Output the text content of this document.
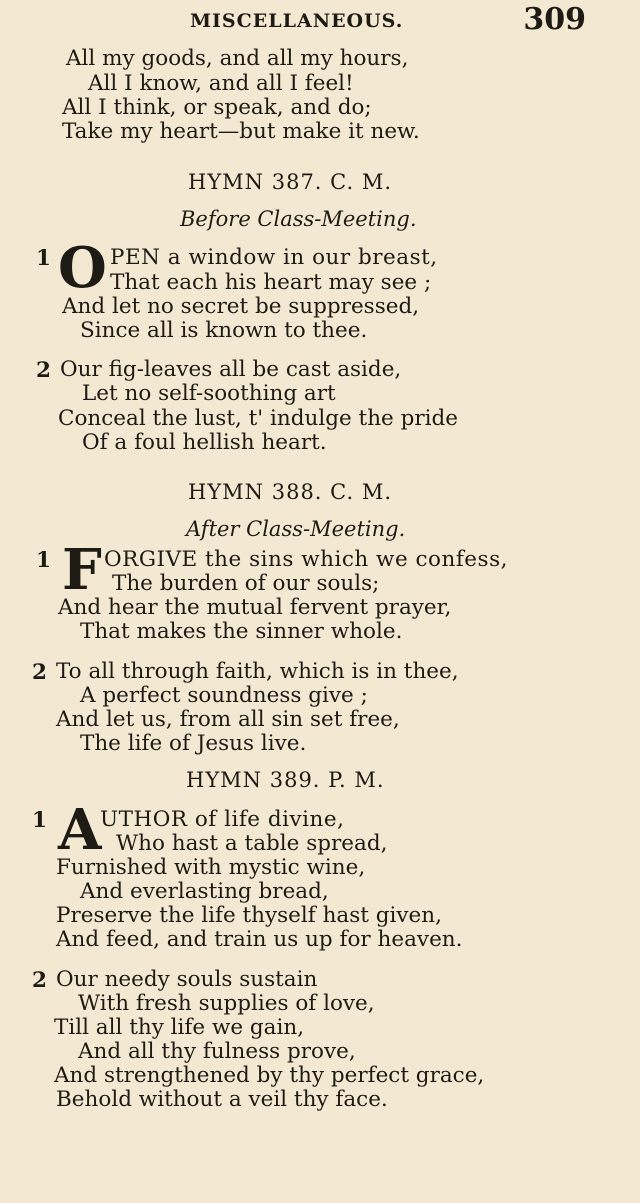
MISCELLANEOUS.	309
All my goods, and all my hours,
All I know, and all I feel!
All I think, or speak, and do;
Take my heart—but make it new.
HYMN 387. C. M.
Before Class-Meeting.
1 O PEN a window in our breast,
That each his heart may see ;
And let no secret be suppressed,
Since all is known to thee.
2 Our fig-leaves all be cast aside,
Let no self-soothing art
Conceal the lust, t' indulge the pride
Of a foul hellish heart.
HYMN 388. C. M.
After Class-Meeting.
1 F ORGIVE the sins which we confess,
The burden of our souls;
And hear the mutual fervent prayer,
That makes the sinner whole.
2 To all through faith, which is in thee,
A perfect soundness give ;
And let us, from all sin set free,
The life of Jesus live.
HYMN 389. P. M.
1 A
UTHOR of life divine,
Who hast a table spread,
Furnished with mystic wine,
And everlasting bread,
Preserve the life thyself hast given,
And feed, and train us up for heaven.
2 Our needy souls sustain
With fresh supplies of love,
Till all thy life we gain,
And all thy fulness prove,
And strengthened by thy perfect grace,
Behold without a veil thy face.
